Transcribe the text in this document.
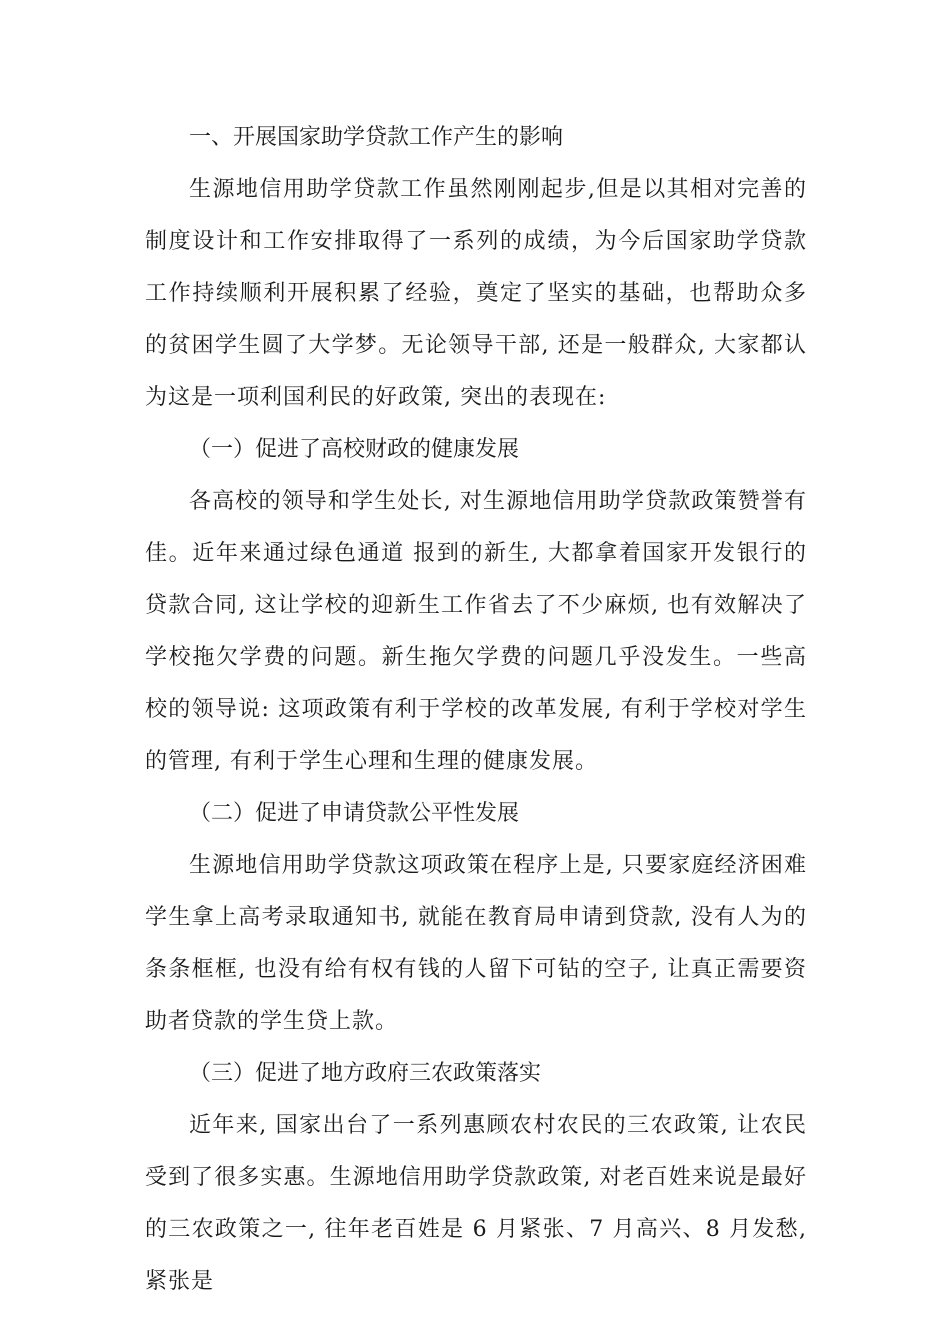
一、开展国家助学贷款工作产生的影响

生源地信用助学贷款工作虽然刚刚起步,但是以其相对完善的制度设计和工作安排取得了一系列的成绩，为今后国家助学贷款工作持续顺利开展积累了经验，奠定了坚实的基础，也帮助众多的贫困学生圆了大学梦。无论领导干部, 还是一般群众, 大家都认为这是一项利国利民的好政策, 突出的表现在:

（一）促进了高校财政的健康发展

各高校的领导和学生处长, 对生源地信用助学贷款政策赞誉有佳。近年来通过绿色通道 报到的新生, 大都拿着国家开发银行的贷款合同, 这让学校的迎新生工作省去了不少麻烦, 也有效解决了学校拖欠学费的问题。新生拖欠学费的问题几乎没发生。一些高校的领导说: 这项政策有利于学校的改革发展, 有利于学校对学生的管理, 有利于学生心理和生理的健康发展。

（二）促进了申请贷款公平性发展

生源地信用助学贷款这项政策在程序上是, 只要家庭经济困难学生拿上高考录取通知书, 就能在教育局申请到贷款, 没有人为的条条框框, 也没有给有权有钱的人留下可钻的空子, 让真正需要资助者贷款的学生贷上款。

（三）促进了地方政府三农政策落实

近年来, 国家出台了一系列惠顾农村农民的三农政策, 让农民受到了很多实惠。生源地信用助学贷款政策, 对老百姓来说是最好的三农政策之一, 往年老百姓是 6 月紧张、7 月高兴、8 月发愁, 紧张是
